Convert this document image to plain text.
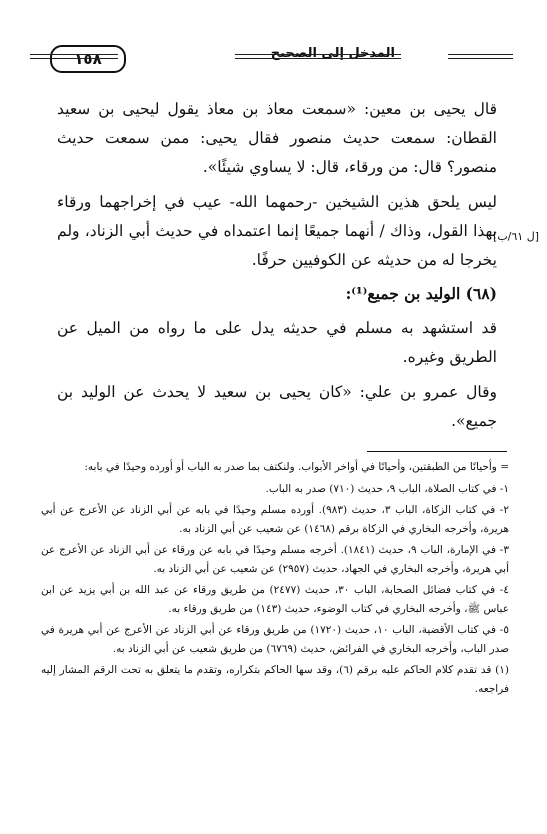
المدخل إلى الصحيح
١٥٨
[ل ٦١/ب]

قال يحيى بن معين: «سمعت معاذ بن معاذ يقول ليحيى بن سعيد القطان: سمعت حديث منصور فقال يحيى: ممن سمعت حديث منصور؟ قال: من ورقاء، قال: لا يساوي شيئًا».

ليس يلحق هذين الشيخين -رحمهما الله- عيب في إخراجهما ورقاء بهذا القول، وذاك / أنهما جميعًا إنما اعتمداه في حديث أبي الزناد، ولم يخرجا له من حديثه عن الكوفيين حرفًا.

(٦٨) الوليد بن جميع⁽¹⁾:

قد استشهد به مسلم في حديثه يدل على ما رواه من الميل عن الطريق وغيره.

وقال عمرو بن علي: «كان يحيى بن سعيد لا يحدث عن الوليد بن جميع».

= وأحيانًا من الطبقتين، وأحيانًا في أواخر الأبواب. ولنكتف بما صدر به الباب أو أورده وحيدًا في بابه:

١- في كتاب الصلاة، الباب ٩، حديث (٧١٠) صدر به الباب.

٢- في كتاب الزكاة، الباب ٣، حديث (٩٨٣). أورده مسلم وحيدًا في بابه عن أبي الزناد عن الأعرج عن أبي هريرة، وأخرجه البخاري في الزكاة برقم (١٤٦٨) عن شعيب عن أبي الزناد به.

٣- في الإمارة، الباب ٩، حديث (١٨٤١). أخرجه مسلم وحيدًا في بابه عن ورقاء عن أبي الزناد عن الأعرج عن أبي هريرة، وأخرجه البخاري في الجهاد، حديث (٢٩٥٧) عن شعيب عن أبي الزناد به.

٤- في كتاب فضائل الصحابة، الباب ٣٠، حديث (٢٤٧٧) من طريق ورقاء عن عبد الله بن أبي يزيد عن ابن عباس ﷺ، وأخرجه البخاري في كتاب الوضوء، حديث (١٤٣) من طريق ورقاء به.

٥- في كتاب الأقضية، الباب ١٠، حديث (١٧٢٠) من طريق ورقاء عن أبي الزناد عن الأعرج عن أبي هريرة في صدر الباب، وأخرجه البخاري في الفرائض، حديث (٦٧٦٩) من طريق شعيب عن أبي الزناد به.

(١) قد تقدم كلام الحاكم عليه برقم (٦)، وقد سها الحاكم بتكراره، وتقدم ما يتعلق به تحت الرقم المشار إليه فراجعه.
